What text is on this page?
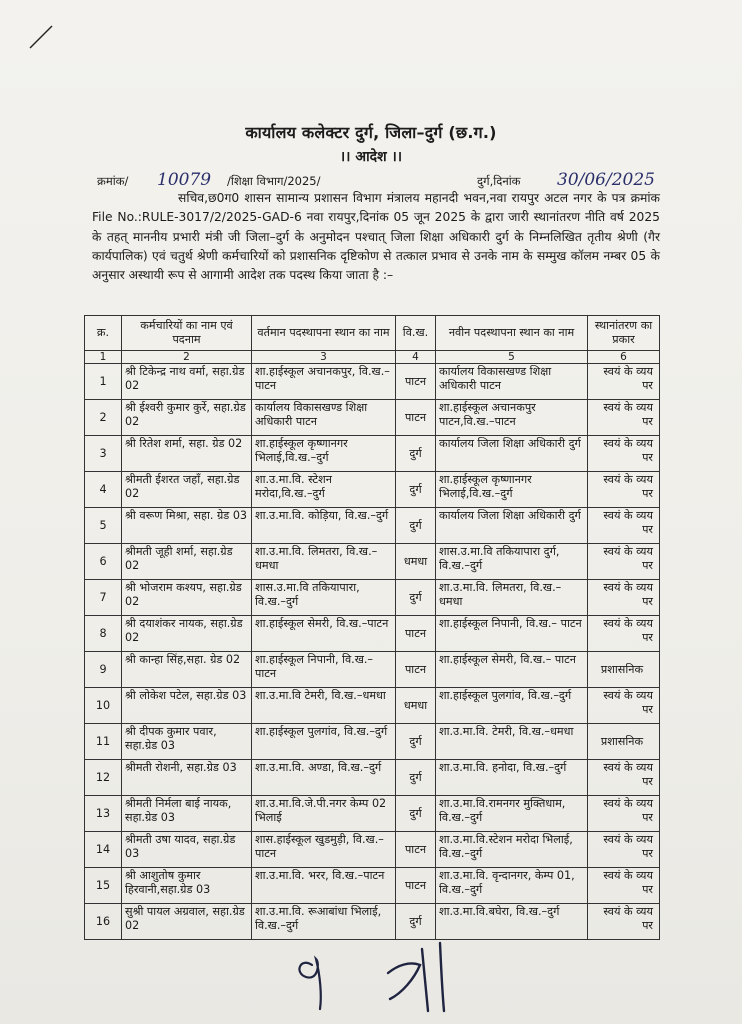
कार्यालय कलेक्टर दुर्ग, जिला–दुर्ग (छ.ग.)
।। आदेश ।।
क्रमांक/ 10079 /शिक्षा विभाग/2025/	दुर्ग,दिनांक 30/06/2025
सचिव,छ0ग0 शासन सामान्य प्रशासन विभाग मंत्रालय महानदी भवन,नवा रायपुर अटल नगर के पत्र क्रमांक File No.:RULE-3017/2/2025-GAD-6 नवा रायपुर,दिनांक 05 जून 2025 के द्वारा जारी स्थानांतरण नीति वर्ष 2025 के तहत् माननीय प्रभारी मंत्री जी जिला–दुर्ग के अनुमोदन पश्चात् जिला शिक्षा अधिकारी दुर्ग के निम्नलिखित तृतीय श्रेणी (गैर कार्यपालिक) एवं चतुर्थ श्रेणी कर्मचारियों को प्रशासनिक दृष्टिकोण से तत्काल प्रभाव से उनके नाम के सम्मुख कॉलम नम्बर 05 के अनुसार अस्थायी रूप से आगामी आदेश तक पदस्थ किया जाता है :–
क्र.	कर्मचारियों का नाम एवं पदनाम	वर्तमान पदस्थापना स्थान का नाम	वि.ख.	नवीन पदस्थापना स्थान का नाम	स्थानांतरण का प्रकार
1	2	3	4	5	6
1	श्री टिकेन्द्र नाथ वर्मा, सहा.ग्रेड 02	शा.हाईस्कूल अचानकपुर, वि.ख.–पाटन	पाटन	कार्यालय विकासखण्ड शिक्षा अधिकारी पाटन	स्वयं के व्यय पर
2	श्री ईश्वरी कुमार कुर्रे, सहा.ग्रेड 02	कार्यालय विकासखण्ड शिक्षा अधिकारी पाटन	पाटन	शा.हाईस्कूल अचानकपुर पाटन,वि.ख.–पाटन	स्वयं के व्यय पर
3	श्री रितेश शर्मा, सहा. ग्रेड 02	शा.हाईस्कूल कृष्णानगर भिलाई,वि.ख.–दुर्ग	दुर्ग	कार्यालय जिला शिक्षा अधिकारी दुर्ग	स्वयं के व्यय पर
4	श्रीमती ईशरत जहॉं, सहा.ग्रेड 02	शा.उ.मा.वि. स्टेशन मरोदा,वि.ख.–दुर्ग	दुर्ग	शा.हाईस्कूल कृष्णानगर भिलाई,वि.ख.–दुर्ग	स्वयं के व्यय पर
5	श्री वरूण मिश्रा, सहा. ग्रेड 03	शा.उ.मा.वि. कोड़िया, वि.ख.–दुर्ग	दुर्ग	कार्यालय जिला शिक्षा अधिकारी दुर्ग	स्वयं के व्यय पर
6	श्रीमती जूही शर्मा, सहा.ग्रेड 02	शा.उ.मा.वि. लिमतरा, वि.ख.–धमधा	धमधा	शास.उ.मा.वि तकियापारा दुर्ग, वि.ख.–दुर्ग	स्वयं के व्यय पर
7	श्री भोजराम कश्यप, सहा.ग्रेड 02	शास.उ.मा.वि तकियापारा, वि.ख.–दुर्ग	दुर्ग	शा.उ.मा.वि. लिमतरा, वि.ख.–धमधा	स्वयं के व्यय पर
8	श्री दयाशंकर नायक, सहा.ग्रेड 02	शा.हाईस्कूल सेमरी, वि.ख.–पाटन	पाटन	शा.हाईस्कूल निपानी, वि.ख.– पाटन	स्वयं के व्यय पर
9	श्री कान्हा सिंह,सहा. ग्रेड 02	शा.हाईस्कूल निपानी, वि.ख.– पाटन	पाटन	शा.हाईस्कूल सेमरी, वि.ख.– पाटन	प्रशासनिक
10	श्री लोकेश पटेल, सहा.ग्रेड 03	शा.उ.मा.वि टेमरी, वि.ख.–धमधा	धमधा	शा.हाईस्कूल पुलगांव, वि.ख.–दुर्ग	स्वयं के व्यय पर
11	श्री दीपक कुमार पवार, सहा.ग्रेड 03	शा.हाईस्कूल पुलगांव, वि.ख.–दुर्ग	दुर्ग	शा.उ.मा.वि. टेमरी, वि.ख.–धमधा	प्रशासनिक
12	श्रीमती रोशनी, सहा.ग्रेड 03	शा.उ.मा.वि. अण्डा, वि.ख.–दुर्ग	दुर्ग	शा.उ.मा.वि. हनोदा, वि.ख.–दुर्ग	स्वयं के व्यय पर
13	श्रीमती निर्मला बाई नायक, सहा.ग्रेड 03	शा.उ.मा.वि.जे.पी.नगर केम्प 02 भिलाई	दुर्ग	शा.उ.मा.वि.रामनगर मुक्तिधाम, वि.ख.–दुर्ग	स्वयं के व्यय पर
14	श्रीमती उषा यादव, सहा.ग्रेड 03	शास.हाईस्कूल खुडमुड़ी, वि.ख.–पाटन	पाटन	शा.उ.मा.वि.स्टेशन मरोदा भिलाई, वि.ख.–दुर्ग	स्वयं के व्यय पर
15	श्री आशुतोष कुमार हिरवानी,सहा.ग्रेड 03	शा.उ.मा.वि. भरर, वि.ख.–पाटन	पाटन	शा.उ.मा.वि. वृन्दानगर, केम्प 01, वि.ख.–दुर्ग	स्वयं के व्यय पर
16	सुश्री पायल अग्रवाल, सहा.ग्रेड 02	शा.उ.मा.वि. रूआबांधा भिलाई, वि.ख.–दुर्ग	दुर्ग	शा.उ.मा.वि.बघेरा, वि.ख.–दुर्ग	स्वयं के व्यय पर
